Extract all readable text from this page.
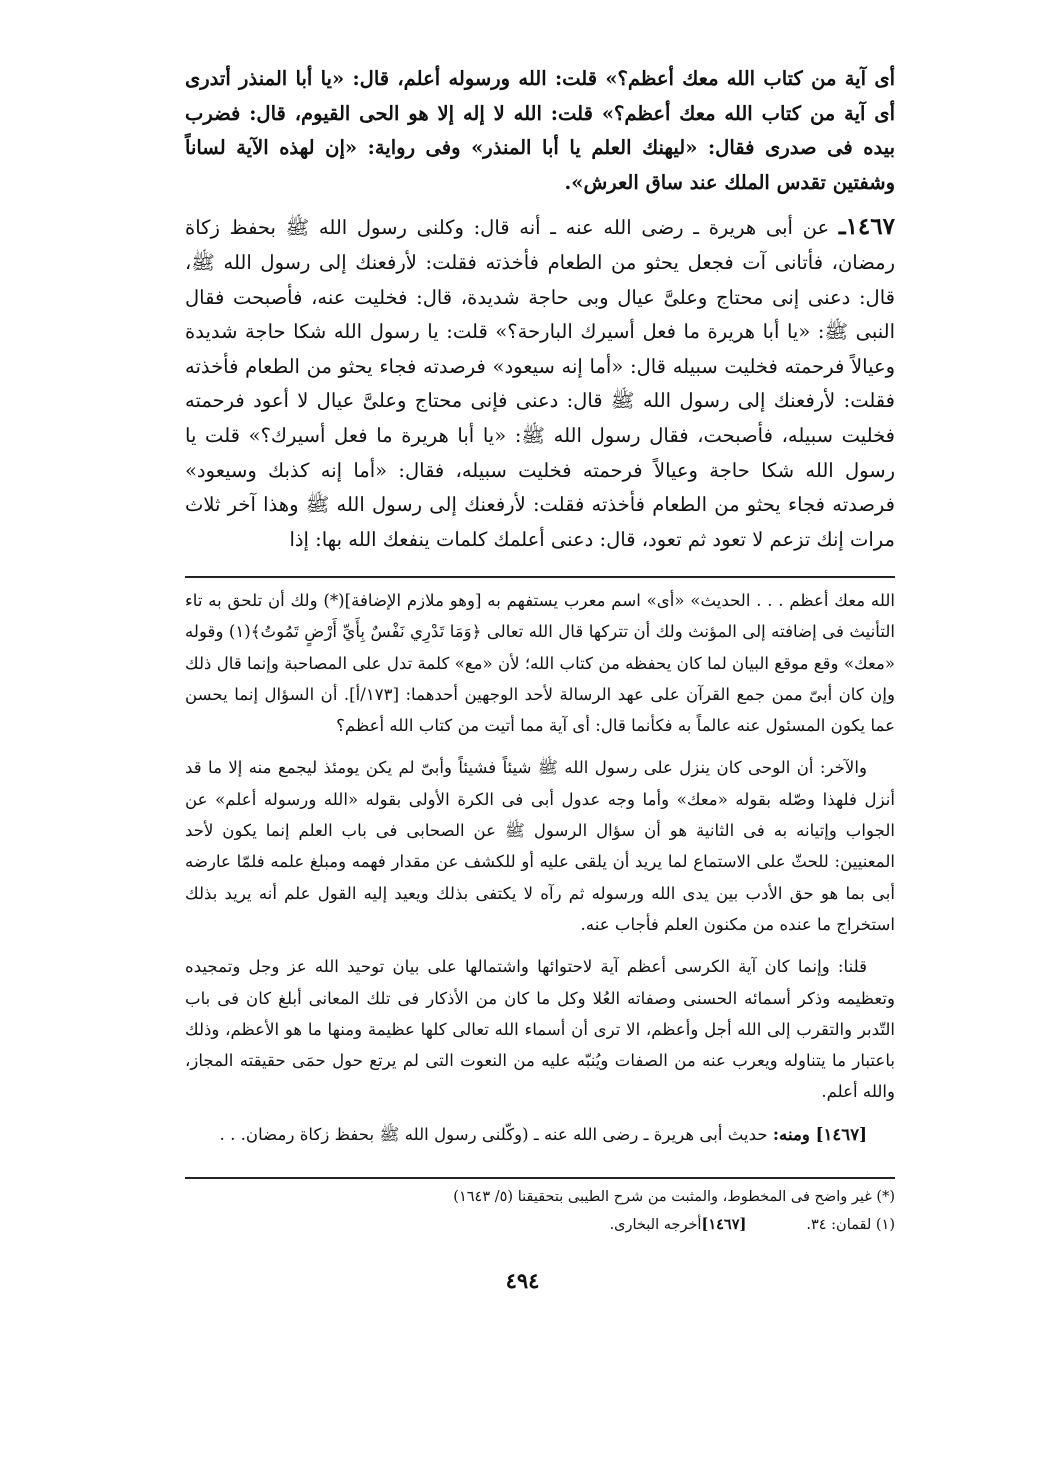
أى آية من كتاب الله معك أعظم؟» قلت: الله ورسوله أعلم، قال: «يا أبا المنذر أتدرى أى آية من كتاب الله معك أعظم؟» قلت: الله لا إله إلا هو الحى القيوم، قال: فضرب بيده فى صدرى فقال: «ليهنك العلم يا أبا المنذر» وفى رواية: «إن لهذه الآية لساناً وشفتين تقدس الملك عند ساق العرش».

١٤٦٧ـ عن أبى هريرة ـ رضى الله عنه ـ أنه قال: وكلنى رسول الله ﷺ بحفظ زكاة رمضان، فأتانى آت فجعل يحثو من الطعام فأخذته فقلت: لأرفعنك إلى رسول الله ﷺ، قال: دعنى إنى محتاج وعلىَّ عيال وبى حاجة شديدة، قال: فخليت عنه، فأصبحت فقال النبى ﷺ: «يا أبا هريرة ما فعل أسيرك البارحة؟» قلت: يا رسول الله شكا حاجة شديدة وعيالاً فرحمته فخليت سبيله قال: «أما إنه سيعود» فرصدته فجاء يحثو من الطعام فأخذته فقلت: لأرفعنك إلى رسول الله ﷺ قال: دعنى فإنى محتاج وعلىَّ عيال لا أعود فرحمته فخليت سبيله، فأصبحت، فقال رسول الله ﷺ: «يا أبا هريرة ما فعل أسيرك؟» قلت يا رسول الله شكا حاجة وعيالاً فرحمته فخليت سبيله، فقال: «أما إنه كذبك وسيعود» فرصدته فجاء يحثو من الطعام فأخذته فقلت: لأرفعنك إلى رسول الله ﷺ وهذا آخر ثلاث مرات إنك تزعم لا تعود ثم تعود، قال: دعنى أعلمك كلمات ينفعك الله بها: إذا

الله معك أعظم . . . الحديث» «أى» اسم معرب يستفهم به [وهو ملازم الإضافة](*) ولك أن تلحق به تاء التأنيث فى إضافته إلى المؤنث ولك أن تتركها قال الله تعالى ﴿وَمَا تَدْرِي نَفْسٌ بِأَيِّ أَرْضٍ تَمُوتُ﴾(١) وقوله «معك» وقع موقع البيان لما كان يحفظه من كتاب الله؛ لأن «مع» كلمة تدل على المصاحبة وإنما قال ذلك وإن كان أبىّ ممن جمع القرآن على عهد الرسالة لأحد الوجهين أحدهما: [١٧٣/أ]. أن السؤال إنما يحسن عما يكون المسئول عنه عالماً به فكأنما قال: أى آية مما أتيت من كتاب الله أعظم؟

والآخر: أن الوحى كان ينزل على رسول الله ﷺ شيئاً فشيئاً وأبىّ لم يكن يومئذ ليجمع منه إلا ما قد أنزل فلهذا وصّله بقوله «معك» وأما وجه عدول أبى فى الكرة الأولى بقوله «الله ورسوله أعلم» عن الجواب وإتيانه به فى الثانية هو أن سؤال الرسول ﷺ عن الصحابى فى باب العلم إنما يكون لأحد المعنيين: للحثّ على الاستماع لما يريد أن يلقى عليه أو للكشف عن مقدار فهمه ومبلغ علمه فلمّا عارضه أبى بما هو حق الأدب بين يدى الله ورسوله ثم رآه لا يكتفى بذلك ويعيد إليه القول علم أنه يريد بذلك استخراج ما عنده من مكنون العلم فأجاب عنه.

قلنا: وإنما كان آية الكرسى أعظم آية لاحتوائها واشتمالها على بيان توحيد الله عز وجل وتمجيده وتعظيمه وذكر أسمائه الحسنى وصفاته العُلا وكل ما كان من الأذكار فى تلك المعانى أبلغ كان فى باب التّدبر والتقرب إلى الله أجل وأعظم، الا ترى أن أسماء الله تعالى كلها عظيمة ومنها ما هو الأعظم، وذلك باعتبار ما يتناوله ويعرب عنه من الصفات ويُنبّه عليه من النعوت التى لم يرتع حول حمَى حقيقته المجاز، والله أعلم.

[١٤٦٧] ومنه: حديث أبى هريرة ـ رضى الله عنه ـ (وكّلنى رسول الله ﷺ بحفظ زكاة رمضان. . .

(*) غير واضح فى المخطوط، والمثبت من شرح الطيبى بتحقيقنا (٥/ ١٦٤٣)

(١) لقمان: ٣٤.[١٤٦٧]أخرجه البخارى.

٤٩٤
